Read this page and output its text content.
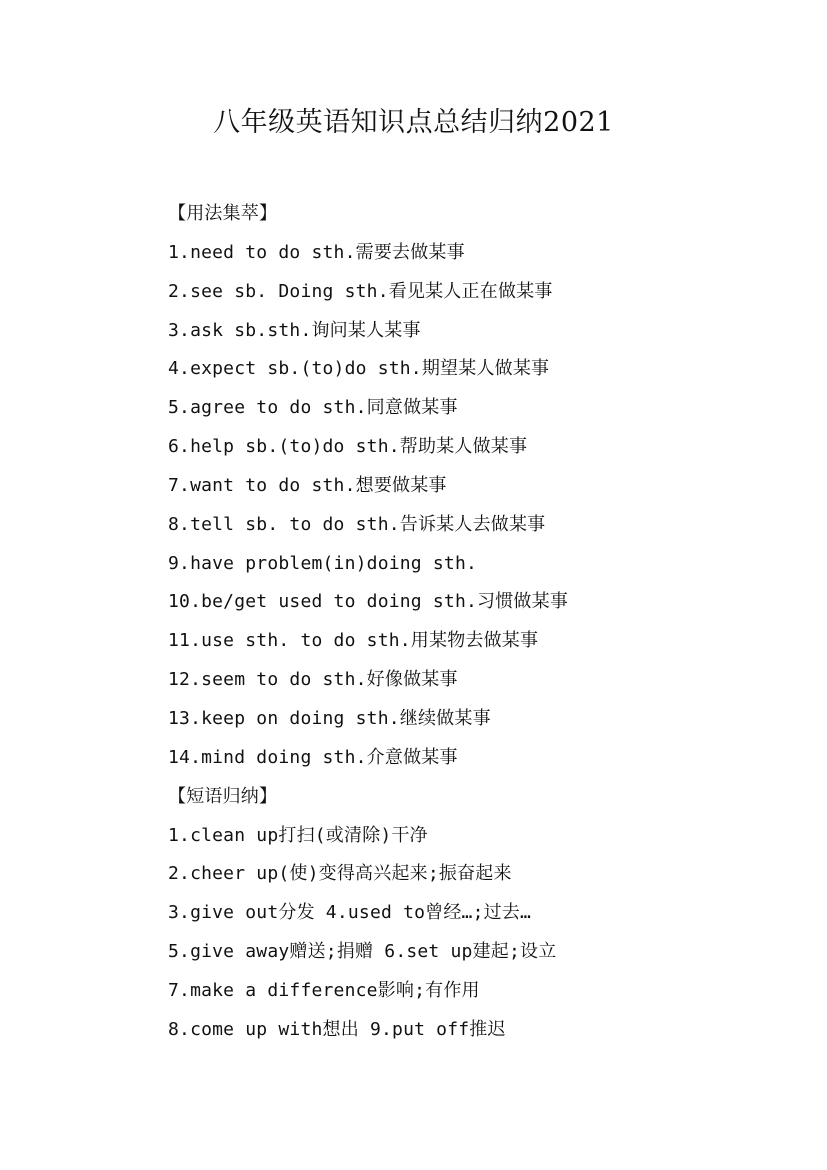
八年级英语知识点总结归纳2021
【用法集萃】
1.need to do sth.需要去做某事
2.see sb. Doing sth.看见某人正在做某事
3.ask sb.sth.询问某人某事
4.expect sb.(to)do sth.期望某人做某事
5.agree to do sth.同意做某事
6.help sb.(to)do sth.帮助某人做某事
7.want to do sth.想要做某事
8.tell sb. to do sth.告诉某人去做某事
9.have problem(in)doing sth.
10.be/get used to doing sth.习惯做某事
11.use sth. to do sth.用某物去做某事
12.seem to do sth.好像做某事
13.keep on doing sth.继续做某事
14.mind doing sth.介意做某事
【短语归纳】
1.clean up打扫(或清除)干净
2.cheer up(使)变得高兴起来;振奋起来
3.give out分发 4.used to曾经…;过去…
5.give away赠送;捐赠 6.set up建起;设立
7.make a difference影响;有作用
8.come up with想出 9.put off推迟
